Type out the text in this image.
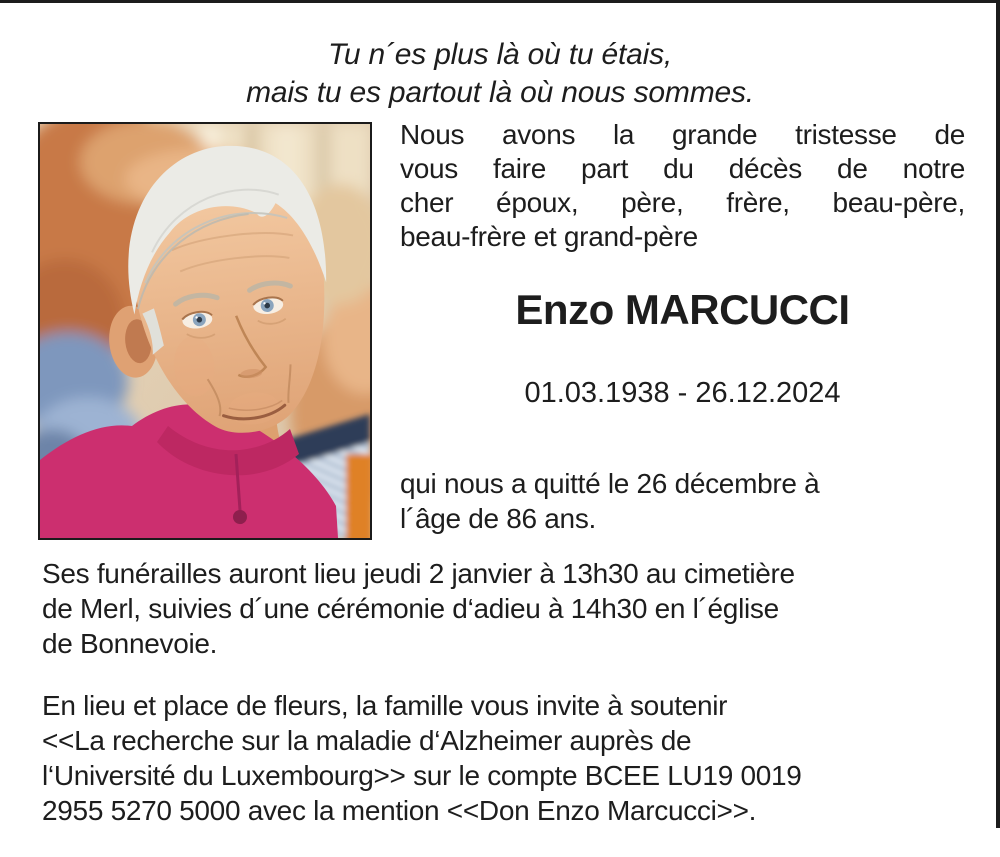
Tu n´es plus là où tu étais,
mais tu es partout là où nous sommes.
Nous avons la grande tristesse de
vous faire part du décès de notre
cher époux, père, frère, beau-père,
beau-frère et grand-père
Enzo MARCUCCI
01.03.1938 - 26.12.2024
qui nous a quitté le 26 décembre à
l´âge de 86 ans.
Ses funérailles auront lieu jeudi 2 janvier à 13h30 au cimetière
de Merl, suivies d´une cérémonie d‘adieu à 14h30 en l´église
de Bonnevoie.
En lieu et place de fleurs, la famille vous invite à soutenir
<<La recherche sur la maladie d‘Alzheimer auprès de
l‘Université du Luxembourg>> sur le compte BCEE LU19 0019
2955 5270 5000 avec la mention <<Don Enzo Marcucci>>.
